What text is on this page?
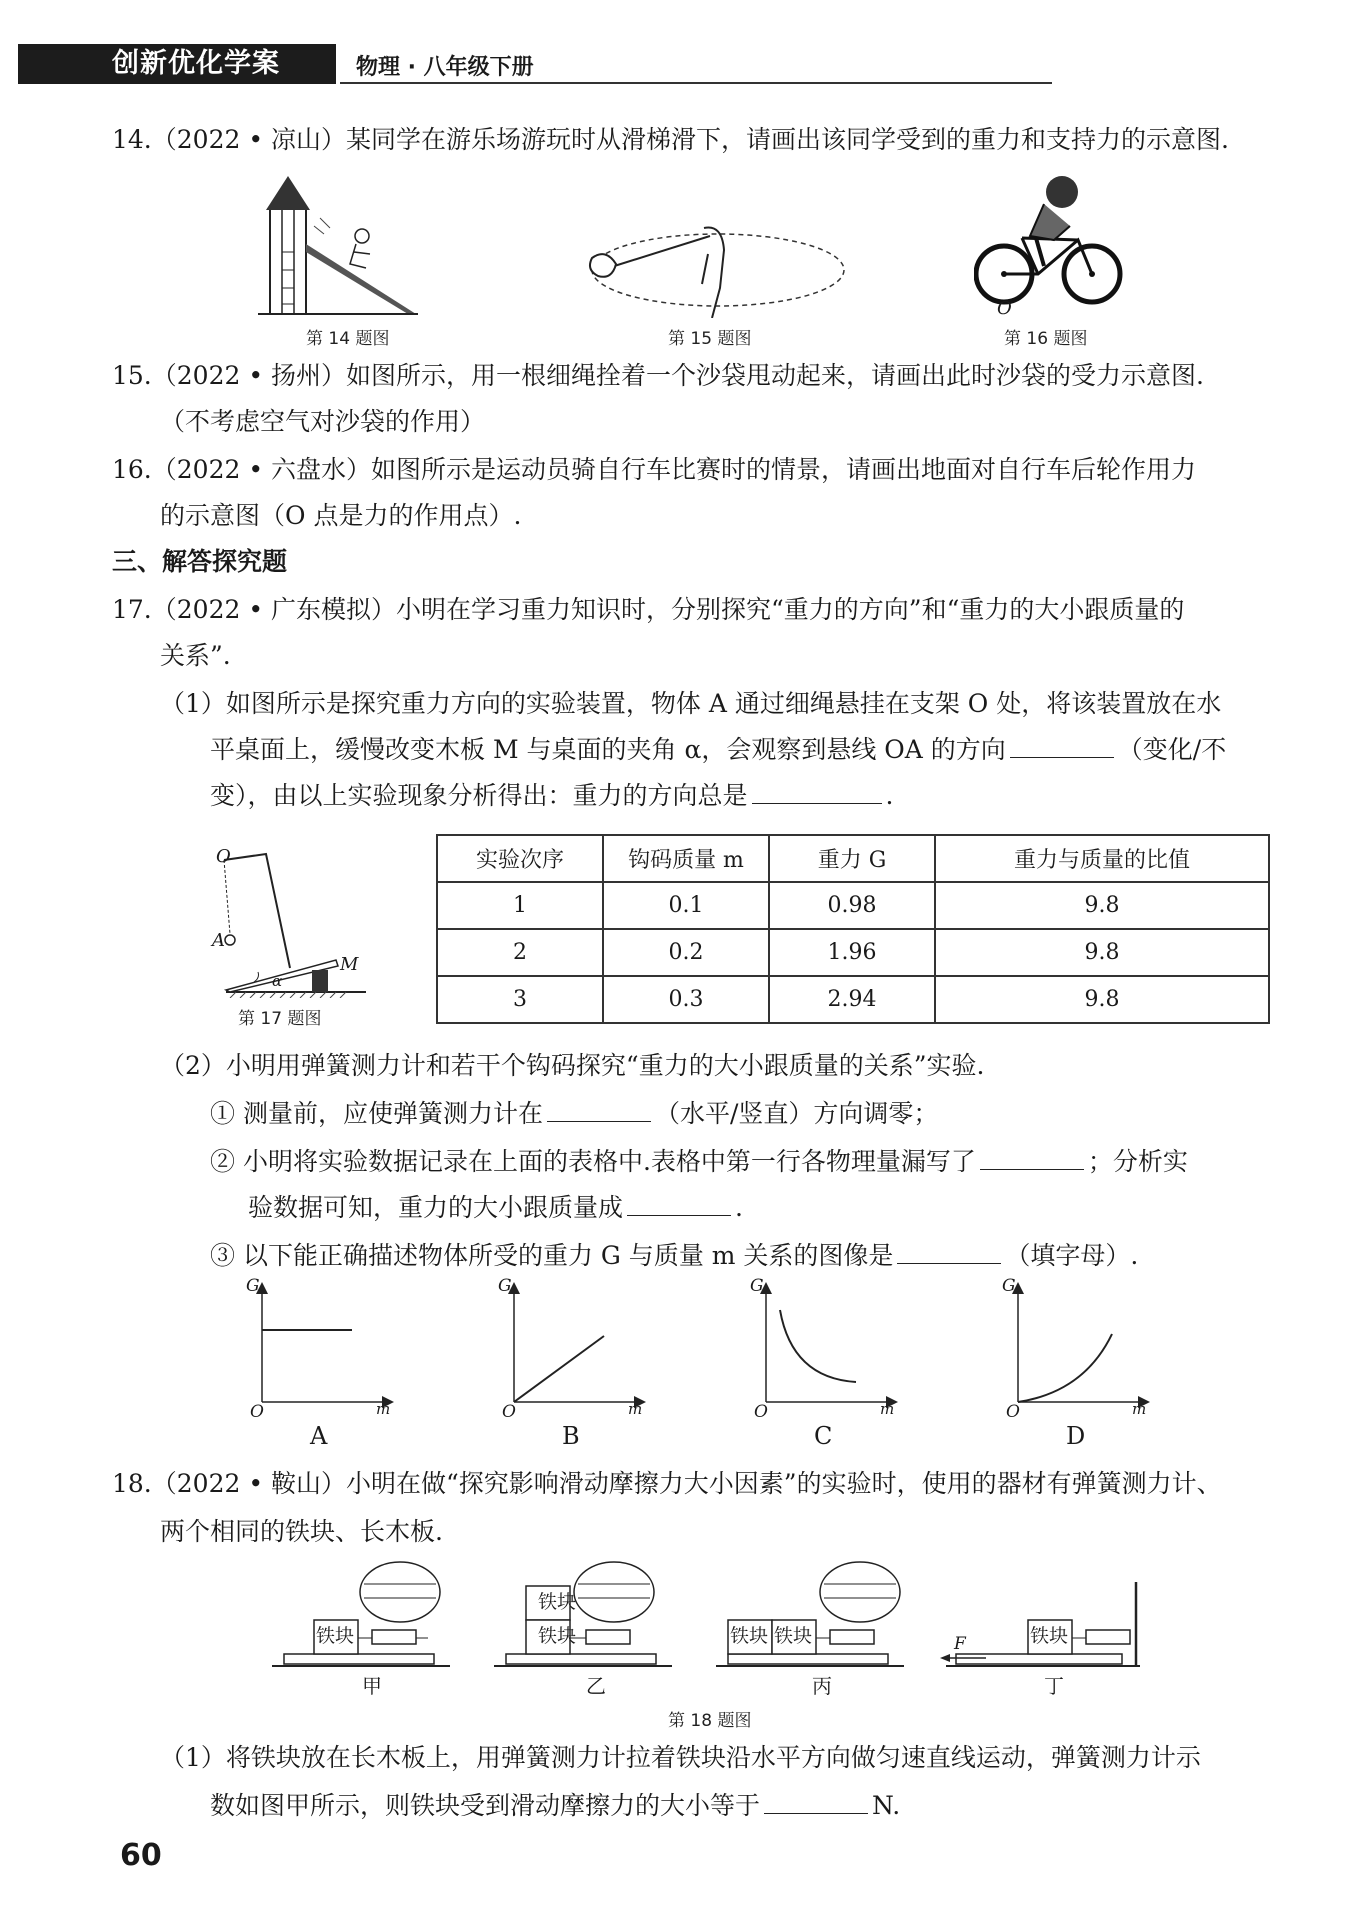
创新优化学案	物理 · 八年级下册
14.（2022 • 凉山）某同学在游乐场游玩时从滑梯滑下，请画出该同学受到的重力和支持力的示意图.
第 14 题图	第 15 题图
O
第 16 题图
15.（2022 • 扬州）如图所示，用一根细绳拴着一个沙袋甩动起来，请画出此时沙袋的受力示意图.
（不考虑空气对沙袋的作用）
16.（2022 • 六盘水）如图所示是运动员骑自行车比赛时的情景，请画出地面对自行车后轮作用力
的示意图（O 点是力的作用点）.
三、解答探究题
17.（2022 • 广东模拟）小明在学习重力知识时，分别探究“重力的方向”和“重力的大小跟质量的
关系”.
（1）如图所示是探究重力方向的实验装置，物体 A 通过细绳悬挂在支架 O 处，将该装置放在水
平桌面上，缓慢改变木板 M 与桌面的夹角 α，会观察到悬线 OA 的方向	（变化/不
变），由以上实验现象分析得出：重力的方向总是	.
O
A
M
α
第 17 题图
实验次序	钩码质量 m	重力 G	重力与质量的比值
1	0.1	0.98	9.8
2	0.2	1.96	9.8
3	0.3	2.94	9.8
（2）小明用弹簧测力计和若干个钩码探究“重力的大小跟质量的关系”实验.
① 测量前，应使弹簧测力计在	（水平/竖直）方向调零；
② 小明将实验数据记录在上面的表格中.表格中第一行各物理量漏写了	；分析实
验数据可知，重力的大小跟质量成	.
③ 以下能正确描述物体所受的重力 G 与质量 m 关系的图像是	（填字母）.
G
m
O
A
G
m
O
B
G
m
O
C
G
m
O
D
18.（2022 • 鞍山）小明在做“探究影响滑动摩擦力大小因素”的实验时，使用的器材有弹簧测力计、
两个相同的铁块、长木板.
铁块
铁块
铁块	铁块 铁块	铁块
F
甲	乙	丙	丁
第 18 题图
（1）将铁块放在长木板上，用弹簧测力计拉着铁块沿水平方向做匀速直线运动，弹簧测力计示
数如图甲所示，则铁块受到滑动摩擦力的大小等于	N.
60
